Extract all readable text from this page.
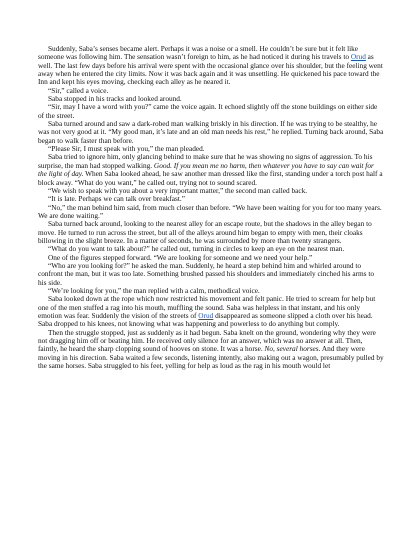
Suddenly, Saba’s senses became alert. Perhaps it was a noise or a smell. He couldn’t be sure but it felt like someone was following him. The sensation wasn’t foreign to him, as he had noticed it during his travels to Orud as well. The last few days before his arrival were spent with the occasional glance over his shoulder, but the feeling went away when he entered the city limits. Now it was back again and it was unsettling. He quickened his pace toward the Inn and kept his eyes moving, checking each alley as he neared it.

“Sir,” called a voice.

Saba stopped in his tracks and looked around.

“Sir, may I have a word with you?” came the voice again. It echoed slightly off the stone buildings on either side of the street.

Saba turned around and saw a dark-robed man walking briskly in his direction. If he was trying to be stealthy, he was not very good at it. “My good man, it’s late and an old man needs his rest,” he replied. Turning back around, Saba began to walk faster than before.

“Please Sir, I must speak with you,” the man pleaded.

Saba tried to ignore him, only glancing behind to make sure that he was showing no signs of aggression. To his surprise, the man had stopped walking. Good. If you mean me no harm, then whatever you have to say can wait for the light of day. When Saba looked ahead, he saw another man dressed like the first, standing under a torch post half a block away. “What do you want,” he called out, trying not to sound scared.

“We wish to speak with you about a very important matter,” the second man called back.

“It is late. Perhaps we can talk over breakfast.”

“No,” the man behind him said, from much closer than before. “We have been waiting for you for too many years. We are done waiting.”

Saba turned back around, looking to the nearest alley for an escape route, but the shadows in the alley began to move. He turned to run across the street, but all of the alleys around him began to empty with men, their cloaks billowing in the slight breeze. In a matter of seconds, he was surrounded by more than twenty strangers.

“What do you want to talk about?” he called out, turning in circles to keep an eye on the nearest man.

One of the figures stepped forward. “We are looking for someone and we need your help.”

“Who are you looking for?” he asked the man. Suddenly, he heard a step behind him and whirled around to confront the man, but it was too late. Something brushed passed his shoulders and immediately cinched his arms to his side.

“We’re looking for you,” the man replied with a calm, methodical voice.

Saba looked down at the rope which now restricted his movement and felt panic. He tried to scream for help but one of the men stuffed a rag into his mouth, muffling the sound. Saba was helpless in that instant, and his only emotion was fear. Suddenly the vision of the streets of Orud disappeared as someone slipped a cloth over his head. Saba dropped to his knees, not knowing what was happening and powerless to do anything but comply.

Then the struggle stopped, just as suddenly as it had begun. Saba knelt on the ground, wondering why they were not dragging him off or beating him. He received only silence for an answer, which was no answer at all. Then, faintly, he heard the sharp clopping sound of hooves on stone. It was a horse. No, several horses. And they were moving in his direction. Saba waited a few seconds, listening intently, also making out a wagon, presumably pulled by the same horses. Saba struggled to his feet, yelling for help as loud as the rag in his mouth would let
